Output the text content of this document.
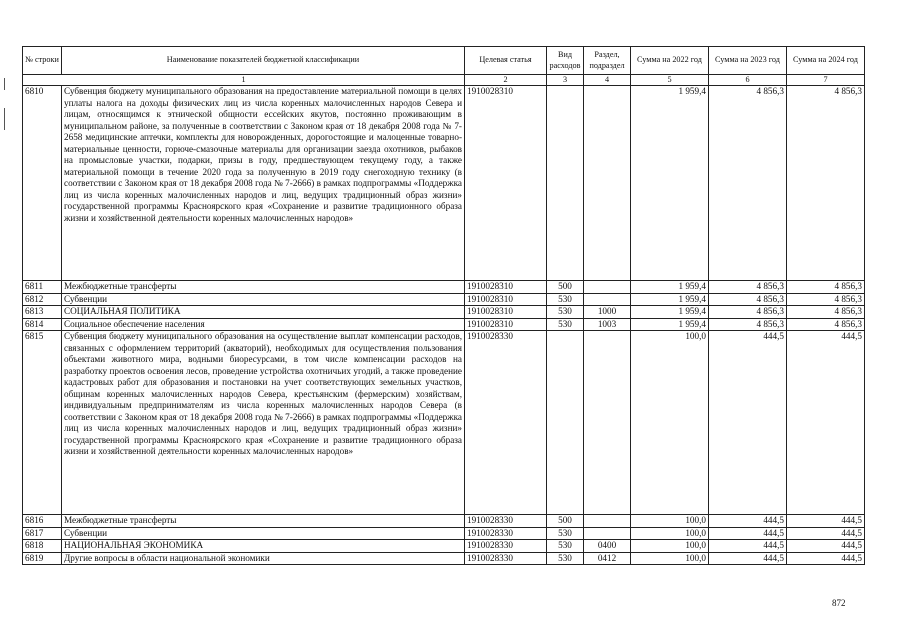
№ строки	Наименование показателей бюджетной классификации	Целевая статья	Вид расходов	Раздел, подраздел	Сумма на 2022 год	Сумма на 2023 год	Сумма на 2024 год
1		2	3	4	5	6	7
6810	Субвенция бюджету муниципального образования на предоставление материальной помощи в целях уплаты налога на доходы физических лиц из числа коренных малочисленных народов Севера и лицам, относящимся к этнической общности ессейских якутов, постоянно проживающим в муниципальном районе, за полученные в соответствии с Законом края от 18 декабря 2008 года № 7-2658 медицинские аптечки, комплекты для новорожденных, дорогостоящие и малоценные товарно-материальные ценности, горюче-смазочные материалы для организации заезда охотников, рыбаков на промысловые участки, подарки, призы в году, предшествующем текущему году, а также материальной помощи в течение 2020 года за полученную в 2019 году снегоходную технику (в соответствии с Законом края от 18 декабря 2008 года № 7-2666) в рамках подпрограммы «Поддержка лиц из числа коренных малочисленных народов и лиц, ведущих традиционный образ жизни» государственной программы Красноярского края «Сохранение и развитие традиционного образа жизни и хозяйственной деятельности коренных малочисленных народов»	1910028310			1 959,4	4 856,3	4 856,3
6811	Межбюджетные трансферты	1910028310	500		1 959,4	4 856,3	4 856,3
6812	Субвенции	1910028310	530		1 959,4	4 856,3	4 856,3
6813	СОЦИАЛЬНАЯ ПОЛИТИКА	1910028310	530	1000	1 959,4	4 856,3	4 856,3
6814	Социальное обеспечение населения	1910028310	530	1003	1 959,4	4 856,3	4 856,3
6815	Субвенция бюджету муниципального образования на осуществление выплат компенсации расходов, связанных с оформлением территорий (акваторий), необходимых для осуществления пользования объектами животного мира, водными биоресурсами, в том числе компенсации расходов на разработку проектов освоения лесов, проведение устройства охотничьих угодий, а также проведение кадастровых работ для образования и постановки на учет соответствующих земельных участков, общинам коренных малочисленных народов Севера, крестьянским (фермерским) хозяйствам, индивидуальным предпринимателям из числа коренных малочисленных народов Севера (в соответствии с Законом края от 18 декабря 2008 года № 7-2666) в рамках подпрограммы «Поддержка лиц из числа коренных малочисленных народов и лиц, ведущих традиционный образ жизни» государственной программы Красноярского края «Сохранение и развитие традиционного образа жизни и хозяйственной деятельности коренных малочисленных народов»	1910028330			100,0	444,5	444,5
6816	Межбюджетные трансферты	1910028330	500		100,0	444,5	444,5
6817	Субвенции	1910028330	530		100,0	444,5	444,5
6818	НАЦИОНАЛЬНАЯ ЭКОНОМИКА	1910028330	530	0400	100,0	444,5	444,5
6819	Другие вопросы в области национальной экономики	1910028330	530	0412	100,0	444,5	444,5
872
